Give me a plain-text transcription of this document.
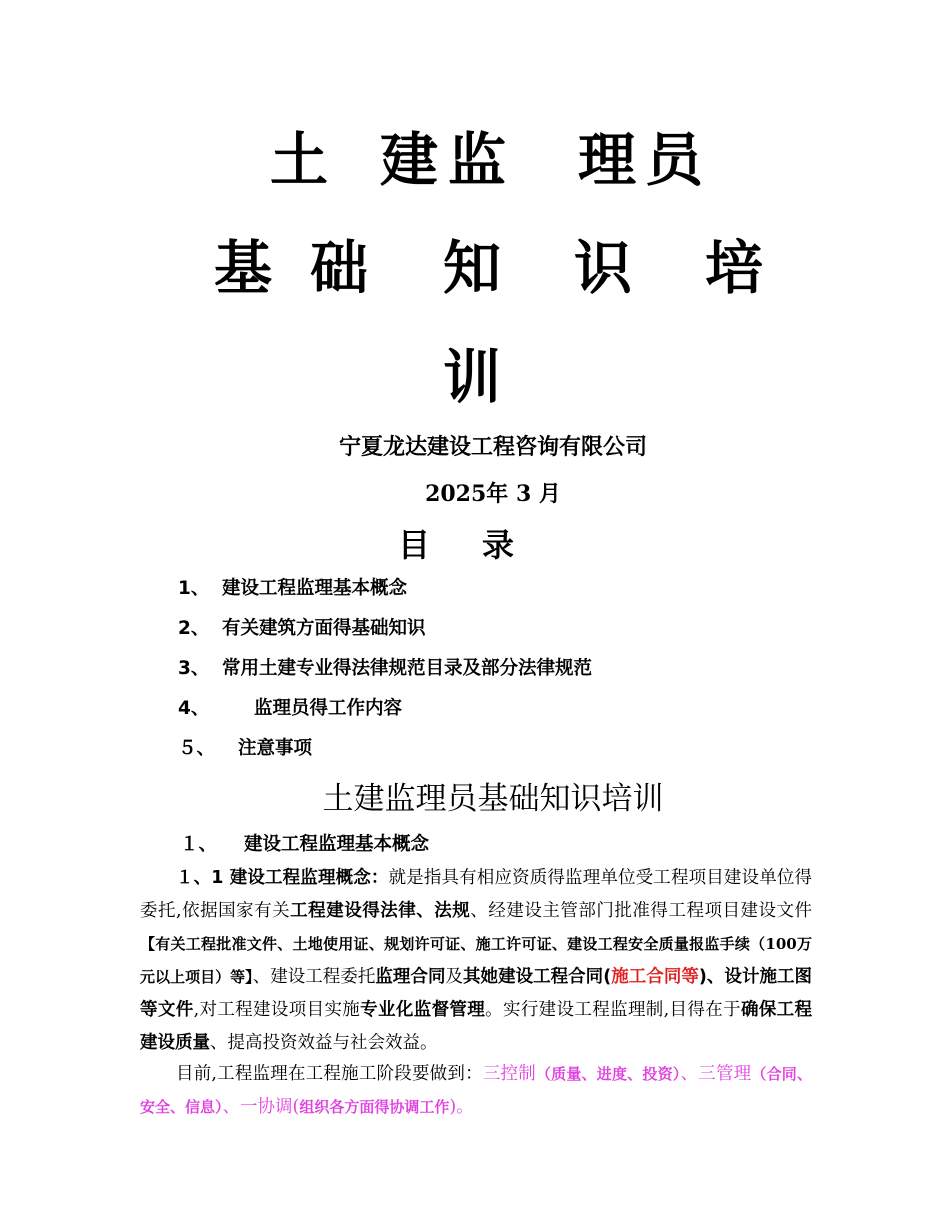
土 建 监 理 员
基 础 知 识 培
训
宁夏龙达建设工程咨询有限公司
2025年 3 月
目录
1、 建设工程监理基本概念
2、 有关建筑方面得基础知识
3、 常用土建专业得法律规范目录及部分法律规范
4、 监理员得工作内容
５、 注意事项
土建监理员基础知识培训
１、 建设工程监理基本概念
１、1 建设工程监理概念：就是指具有相应资质得监理单位受工程项目建设单位得委托,依据国家有关工程建设得法律、法规、经建设主管部门批准得工程项目建设文件【有关工程批准文件、土地使用证、规划许可证、施工许可证、建设工程安全质量报监手续（100万元以上项目）等】、建设工程委托监理合同及其她建设工程合同(施工合同等)、设计施工图等文件,对工程建设项目实施专业化监督管理。实行建设工程监理制,目得在于确保工程建设质量、提高投资效益与社会效益。
目前,工程监理在工程施工阶段要做到：三控制（质量、进度、投资）、三管理（合同、安全、信息）、一协调(组织各方面得协调工作)。
